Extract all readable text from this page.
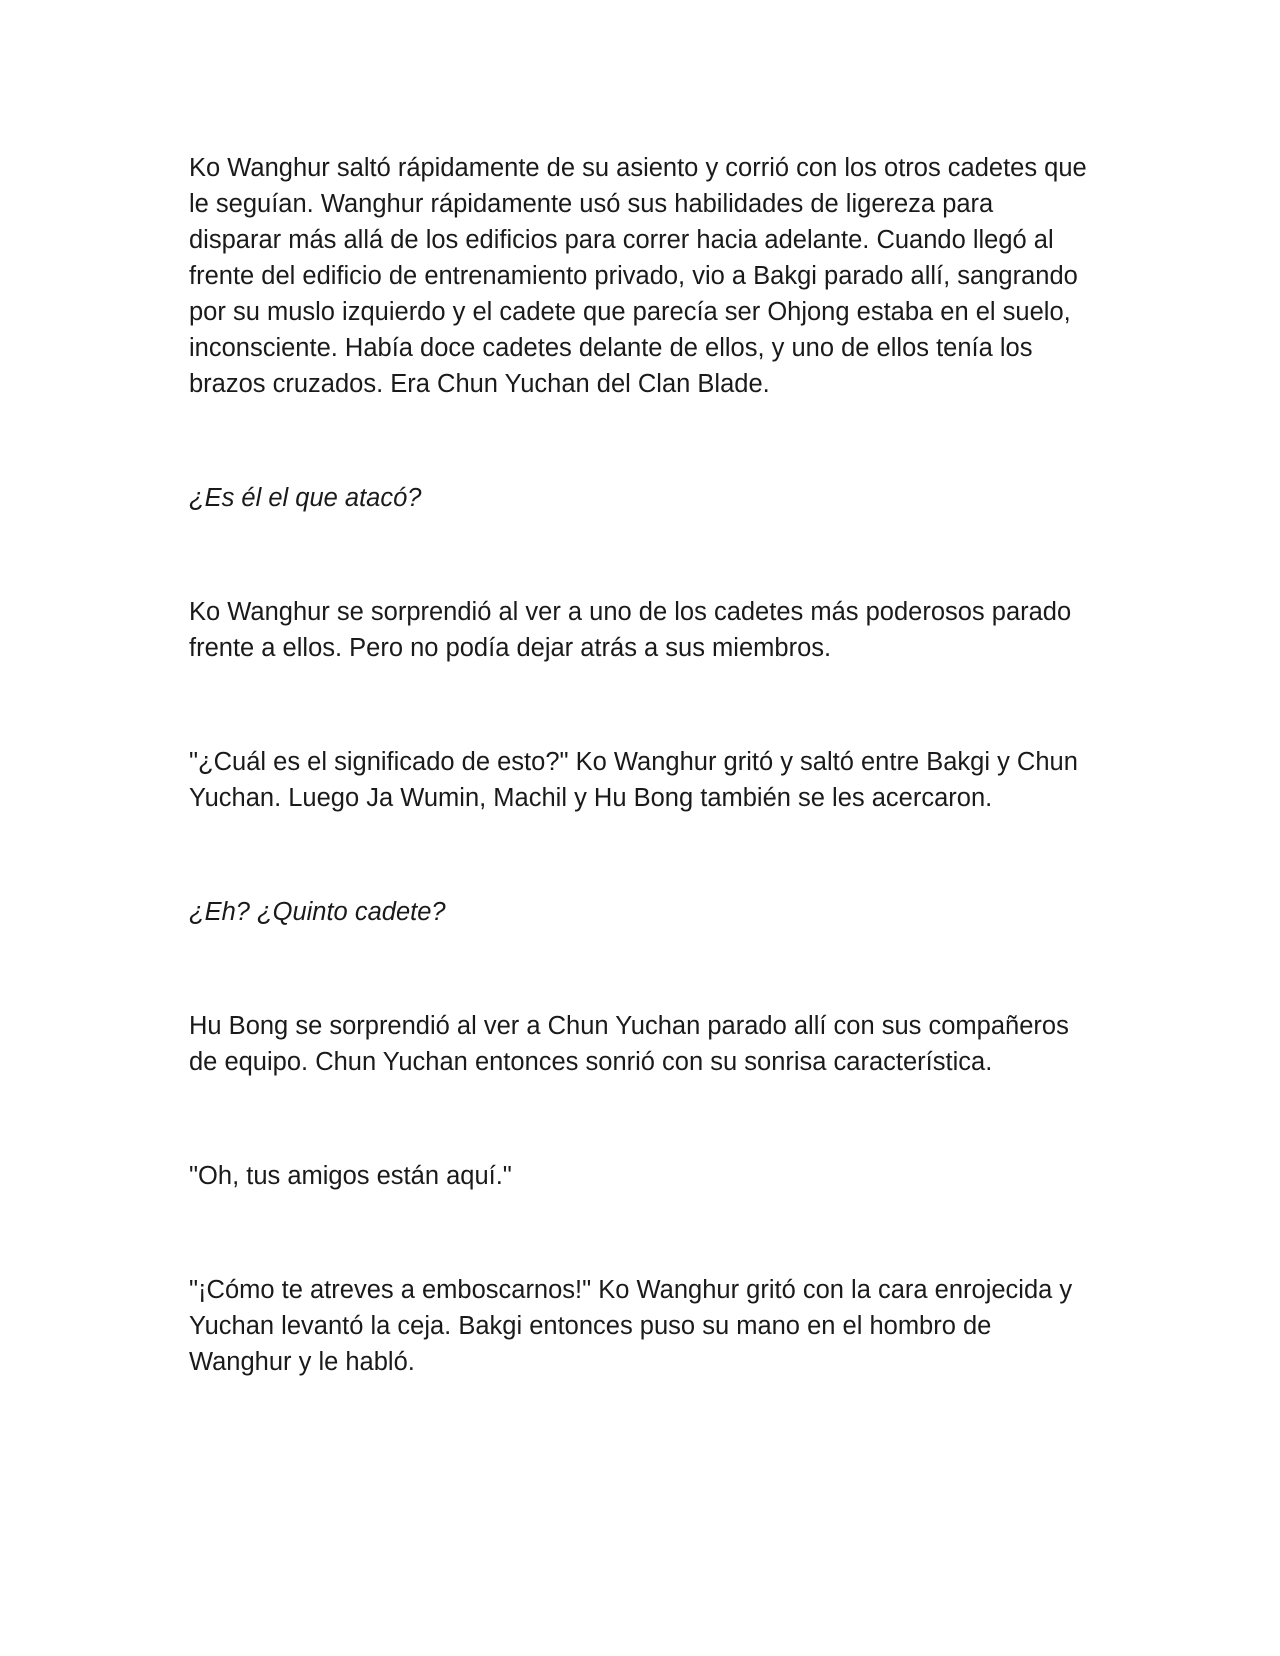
Ko Wanghur saltó rápidamente de su asiento y corrió con los otros cadetes que le seguían. Wanghur rápidamente usó sus habilidades de ligereza para disparar más allá de los edificios para correr hacia adelante. Cuando llegó al frente del edificio de entrenamiento privado, vio a Bakgi parado allí, sangrando por su muslo izquierdo y el cadete que parecía ser Ohjong estaba en el suelo, inconsciente. Había doce cadetes delante de ellos, y uno de ellos tenía los brazos cruzados. Era Chun Yuchan del Clan Blade.

¿Es él el que atacó?

Ko Wanghur se sorprendió al ver a uno de los cadetes más poderosos parado frente a ellos. Pero no podía dejar atrás a sus miembros.

"¿Cuál es el significado de esto?" Ko Wanghur gritó y saltó entre Bakgi y Chun Yuchan. Luego Ja Wumin, Machil y Hu Bong también se les acercaron.

¿Eh? ¿Quinto cadete?

Hu Bong se sorprendió al ver a Chun Yuchan parado allí con sus compañeros de equipo. Chun Yuchan entonces sonrió con su sonrisa característica.

"Oh, tus amigos están aquí."

"¡Cómo te atreves a emboscarnos!" Ko Wanghur gritó con la cara enrojecida y Yuchan levantó la ceja. Bakgi entonces puso su mano en el hombro de Wanghur y le habló.
